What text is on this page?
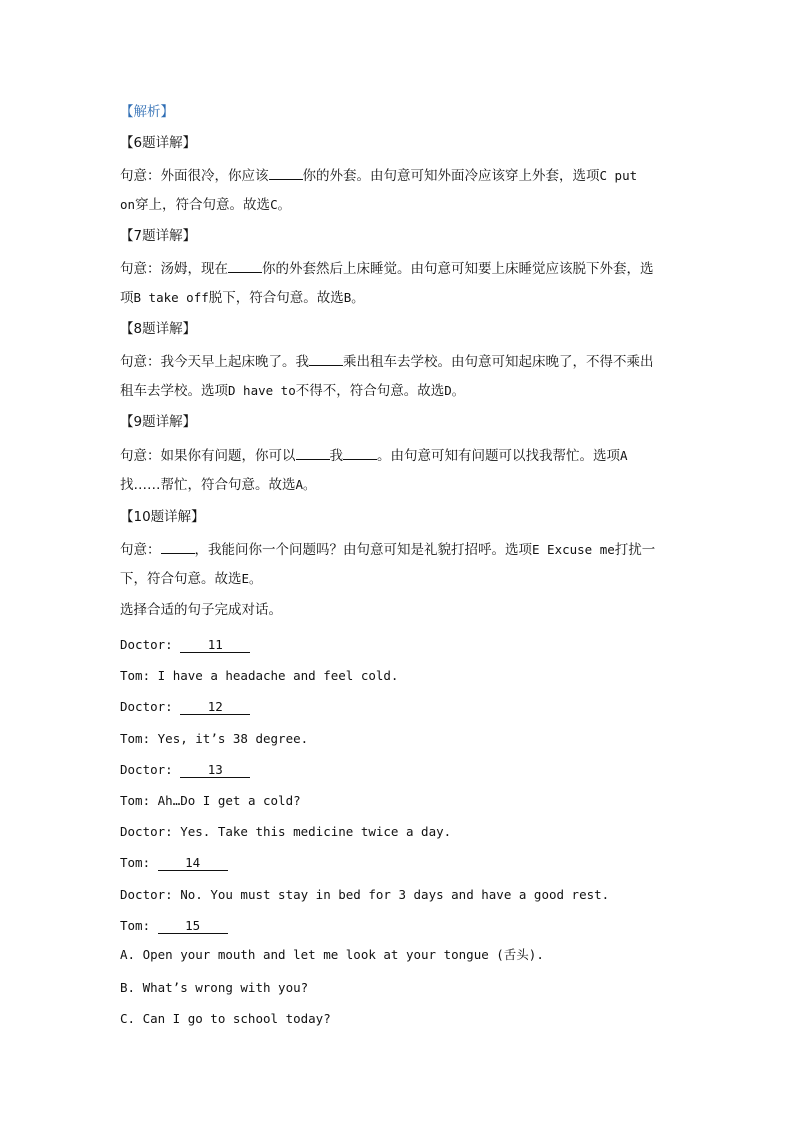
【解析】
【6题详解】
句意：外面很冷，你应该	你的外套。由句意可知外面冷应该穿上外套，选项C put
on穿上，符合句意。故选C。
【7题详解】
句意：汤姆，现在	你的外套然后上床睡觉。由句意可知要上床睡觉应该脱下外套，选
项B take off脱下，符合句意。故选B。
【8题详解】
句意：我今天早上起床晚了。我	乘出租车去学校。由句意可知起床晚了，不得不乘出
租车去学校。选项D have to不得不，符合句意。故选D。
【9题详解】
句意：如果你有问题，你可以	我	。由句意可知有问题可以找我帮忙。选项A
找……帮忙，符合句意。故选A。
【10题详解】
句意：	，我能问你一个问题吗？由句意可知是礼貌打招呼。选项E Excuse me打扰一
下，符合句意。故选E。
选择合适的句子完成对话。
Doctor:	11
Tom: I have a headache and feel cold.
Doctor:	12
Tom: Yes, it’s 38 degree.
Doctor:	13
Tom: Ah…Do I get a cold?
Doctor: Yes. Take this medicine twice a day.
Tom:	14
Doctor: No. You must stay in bed for 3 days and have a good rest.
Tom:	15
A. Open your mouth and let me look at your tongue (舌头).
B. What’s wrong with you?
C. Can I go to school today?
